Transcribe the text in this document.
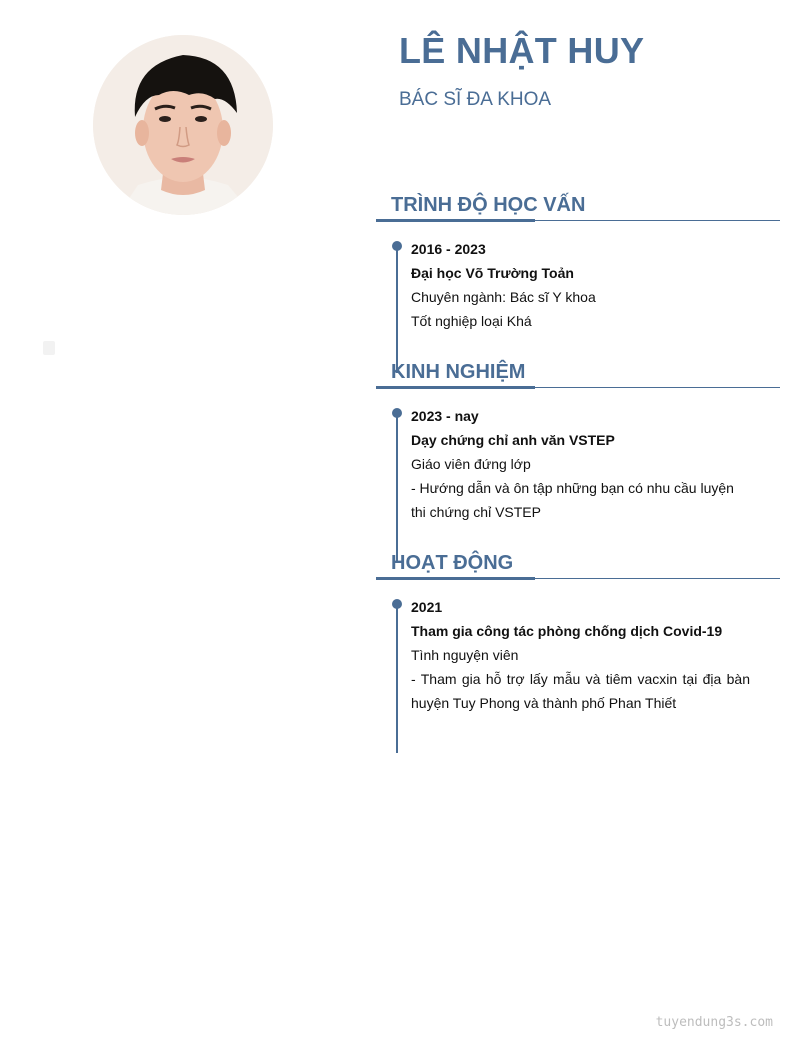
LÊ NHẬT HUY
BÁC SĨ ĐA KHOA
TRÌNH ĐỘ HỌC VẤN
2016 - 2023
Đại học Võ Trường Toản
Chuyên ngành: Bác sĩ Y khoa
Tốt nghiệp loại Khá
KINH NGHIỆM
2023 - nay
Dạy chứng chỉ anh văn VSTEP
Giáo viên đứng lớp
- Hướng dẫn và ôn tập những bạn có nhu cầu luyện thi chứng chỉ VSTEP
HOẠT ĐỘNG
2021
Tham gia công tác phòng chống dịch Covid-19
Tình nguyện viên
- Tham gia hỗ trợ lấy mẫu và tiêm vacxin tại địa bàn huyện Tuy Phong và thành phố Phan Thiết
tuyendung3s.com
